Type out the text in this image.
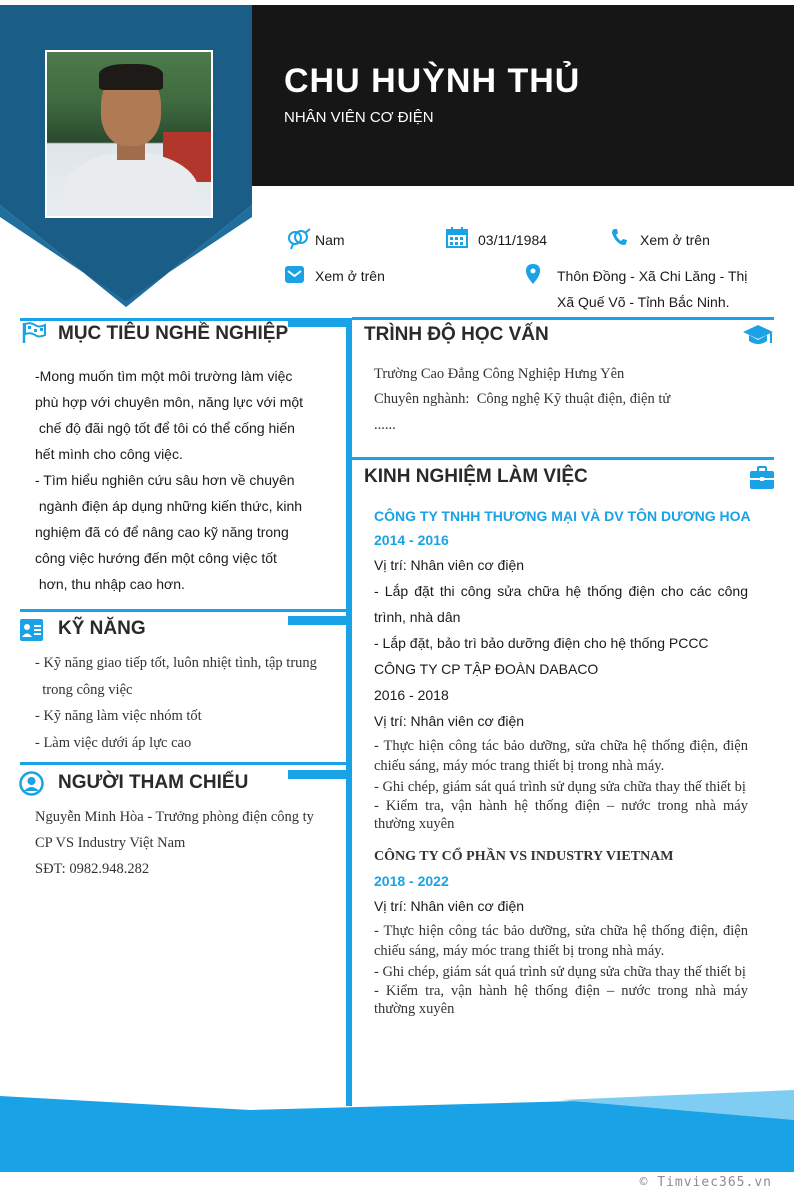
CHU HUỲNH THỦ
NHÂN VIÊN CƠ ĐIỆN
Nam	03/11/1984	Xem ở trên
Xem ở trên	Thôn Đồng - Xã Chi Lăng - Thị
Xã Quế Võ - Tỉnh Bắc Ninh.
MỤC TIÊU NGHỀ NGHIỆP
-Mong muốn tìm một môi trường làm việc
phù hợp với chuyên môn, năng lực với một
chế độ đãi ngộ tốt để tôi có thể cống hiến
hết mình cho công việc.
- Tìm hiểu nghiên cứu sâu hơn về chuyên
ngành điện áp dụng những kiến thức, kinh
nghiệm đã có để nâng cao kỹ năng trong
công việc hướng đến một công việc tốt
hơn, thu nhập cao hơn.
KỸ NĂNG
- Kỹ năng giao tiếp tốt, luôn nhiệt tình, tập trung
trong công việc
- Kỹ năng làm việc nhóm tốt
- Làm việc dưới áp lực cao
NGƯỜI THAM CHIẾU
Nguyễn Minh Hòa - Trưởng phòng điện công ty
CP VS Industry Việt Nam
SĐT: 0982.948.282
TRÌNH ĐỘ HỌC VẤN
Trường Cao Đẳng Công Nghiệp Hưng Yên
Chuyên nghành:  Công nghệ Kỹ thuật điện, điện tử
......
KINH NGHIỆM LÀM VIỆC
CÔNG TY TNHH THƯƠNG MẠI VÀ DV TÔN DƯƠNG HOA
2014 - 2016
Vị trí: Nhân viên cơ điện
- Lắp đặt thi công sửa chữa hệ thống điện cho các công trình, nhà dân
- Lắp đặt, bảo trì bảo dưỡng điện cho hệ thống PCCC
CÔNG TY CP TẬP ĐOÀN DABACO
2016 - 2018
Vị trí: Nhân viên cơ điện
- Thực hiện công tác bảo dưỡng, sửa chữa hệ thống điện, điện chiếu sáng, máy móc trang thiết bị trong nhà máy.
- Ghi chép, giám sát quá trình sử dụng sửa chữa thay thế thiết bị
- Kiểm tra, vận hành hệ thống điện – nước trong nhà máy thường xuyên
CÔNG TY CỔ PHẦN VS INDUSTRY VIETNAM
2018 - 2022
Vị trí: Nhân viên cơ điện
- Thực hiện công tác bảo dưỡng, sửa chữa hệ thống điện, điện chiếu sáng, máy móc trang thiết bị trong nhà máy.
- Ghi chép, giám sát quá trình sử dụng sửa chữa thay thế thiết bị
- Kiểm tra, vận hành hệ thống điện – nước trong nhà máy thường xuyên
© Timviec365.vn
